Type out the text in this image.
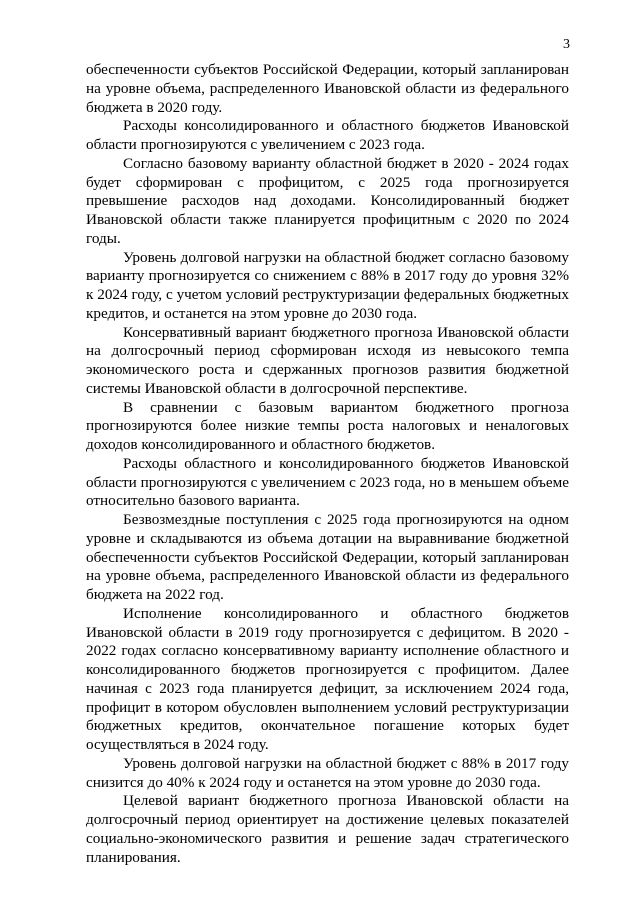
3

обеспеченности субъектов Российской Федерации, который запланирован на уровне объема, распределенного Ивановской области из федерального бюджета в 2020 году.

Расходы консолидированного и областного бюджетов Ивановской области прогнозируются с увеличением с 2023 года.

Согласно базовому варианту областной бюджет в 2020 - 2024 годах будет сформирован с профицитом, с 2025 года прогнозируется превышение расходов над доходами. Консолидированный бюджет Ивановской области также планируется профицитным с 2020 по 2024 годы.

Уровень долговой нагрузки на областной бюджет согласно базовому варианту прогнозируется со снижением с 88% в 2017 году до уровня 32% к 2024 году, с учетом условий реструктуризации федеральных бюджетных кредитов, и останется на этом уровне до 2030 года.

Консервативный вариант бюджетного прогноза Ивановской области на долгосрочный период сформирован исходя из невысокого темпа экономического роста и сдержанных прогнозов развития бюджетной системы Ивановской области в долгосрочной перспективе.

В сравнении с базовым вариантом бюджетного прогноза прогнозируются более низкие темпы роста налоговых и неналоговых доходов консолидированного и областного бюджетов.

Расходы областного и консолидированного бюджетов Ивановской области прогнозируются с увеличением с 2023 года, но в меньшем объеме относительно базового варианта.

Безвозмездные поступления с 2025 года прогнозируются на одном уровне и складываются из объема дотации на выравнивание бюджетной обеспеченности субъектов Российской Федерации, который запланирован на уровне объема, распределенного Ивановской области из федерального бюджета на 2022 год.

Исполнение консолидированного и областного бюджетов Ивановской области в 2019 году прогнозируется с дефицитом. В 2020 - 2022 годах согласно консервативному варианту исполнение областного и консолидированного бюджетов прогнозируется с профицитом. Далее начиная с 2023 года планируется дефицит, за исключением 2024 года, профицит в котором обусловлен выполнением условий реструктуризации бюджетных кредитов, окончательное погашение которых будет осуществляться в 2024 году.

Уровень долговой нагрузки на областной бюджет с 88% в 2017 году снизится до 40% к 2024 году и останется на этом уровне до 2030 года.

Целевой вариант бюджетного прогноза Ивановской области на долгосрочный период ориентирует на достижение целевых показателей социально-экономического развития и решение задач стратегического планирования.
